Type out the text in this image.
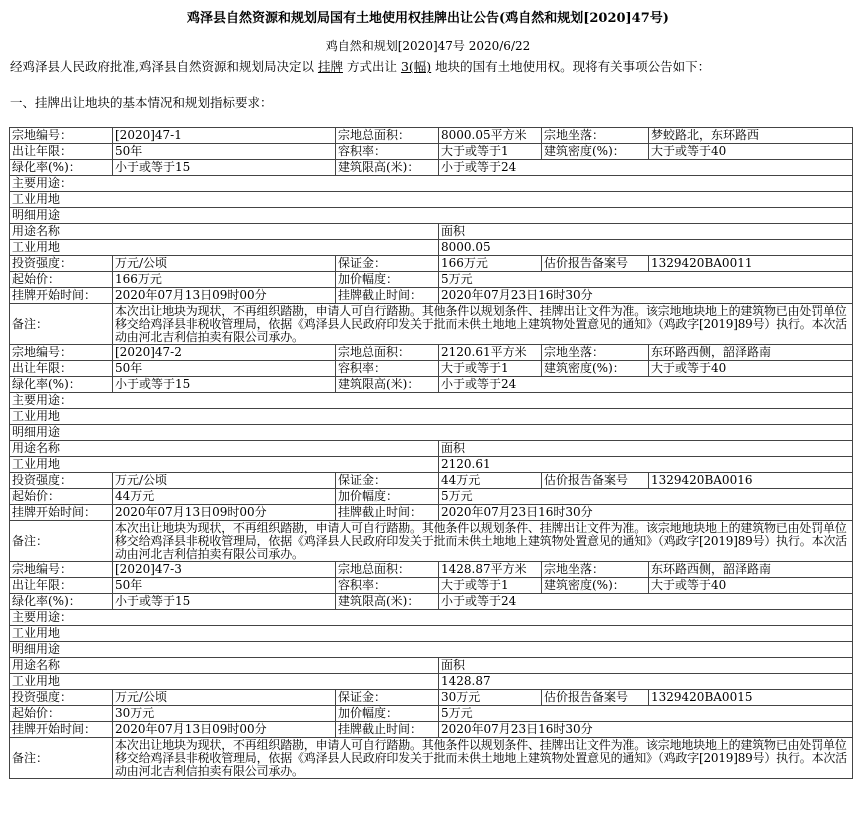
鸡泽县自然资源和规划局国有土地使用权挂牌出让公告(鸡自然和规划[2020]47号)
鸡自然和规划[2020]47号 2020/6/22
经鸡泽县人民政府批准,鸡泽县自然资源和规划局决定以 挂牌 方式出让 3(幅) 地块的国有土地使用权。现将有关事项公告如下：
一、挂牌出让地块的基本情况和规划指标要求：
宗地编号：	[2020]47-1	宗地总面积：	8000.05平方米	宗地坐落：	梦蛟路北，东环路西
出让年限：	50年	容积率：	大于或等于1	建筑密度(%)：	大于或等于40
绿化率(%)：	小于或等于15	建筑限高(米)：	小于或等于24		
主要用途：					
工业用地					
明细用途					
用途名称			面积		
工业用地			8000.05		
投资强度：	万元/公顷	保证金：	166万元	估价报告备案号	1329420BA0011
起始价：	166万元	加价幅度：	5万元		
挂牌开始时间：	2020年07月13日09时00分	挂牌截止时间：	2020年07月23日16时30分		
备注：	本次出让地块为现状，不再组织踏勘，申请人可自行踏勘。其他条件以规划条件、挂牌出让文件为准。该宗地地块地上的建筑物已由处罚单位移交给鸡泽县非税收管理局，依据《鸡泽县人民政府印发关于批而未供土地地上建筑物处置意见的通知》（鸡政字[2019]89号）执行。本次活动由河北吉利信拍卖有限公司承办。				
宗地编号：	[2020]47-2	宗地总面积：	2120.61平方米	宗地坐落：	东环路西侧，韶泽路南
出让年限：	50年	容积率：	大于或等于1	建筑密度(%)：	大于或等于40
绿化率(%)：	小于或等于15	建筑限高(米)：	小于或等于24		
主要用途：					
工业用地					
明细用途					
用途名称			面积		
工业用地			2120.61		
投资强度：	万元/公顷	保证金：	44万元	估价报告备案号	1329420BA0016
起始价：	44万元	加价幅度：	5万元		
挂牌开始时间：	2020年07月13日09时00分	挂牌截止时间：	2020年07月23日16时30分		
备注：	本次出让地块为现状，不再组织踏勘，申请人可自行踏勘。其他条件以规划条件、挂牌出让文件为准。该宗地地块地上的建筑物已由处罚单位移交给鸡泽县非税收管理局，依据《鸡泽县人民政府印发关于批而未供土地地上建筑物处置意见的通知》（鸡政字[2019]89号）执行。本次活动由河北吉利信拍卖有限公司承办。				
宗地编号：	[2020]47-3	宗地总面积：	1428.87平方米	宗地坐落：	东环路西侧，韶泽路南
出让年限：	50年	容积率：	大于或等于1	建筑密度(%)：	大于或等于40
绿化率(%)：	小于或等于15	建筑限高(米)：	小于或等于24		
主要用途：					
工业用地					
明细用途					
用途名称			面积		
工业用地			1428.87		
投资强度：	万元/公顷	保证金：	30万元	估价报告备案号	1329420BA0015
起始价：	30万元	加价幅度：	5万元		
挂牌开始时间：	2020年07月13日09时00分	挂牌截止时间：	2020年07月23日16时30分		
备注：	本次出让地块为现状，不再组织踏勘，申请人可自行踏勘。其他条件以规划条件、挂牌出让文件为准。该宗地地块地上的建筑物已由处罚单位移交给鸡泽县非税收管理局，依据《鸡泽县人民政府印发关于批而未供土地地上建筑物处置意见的通知》（鸡政字[2019]89号）执行。本次活动由河北吉利信拍卖有限公司承办。				
